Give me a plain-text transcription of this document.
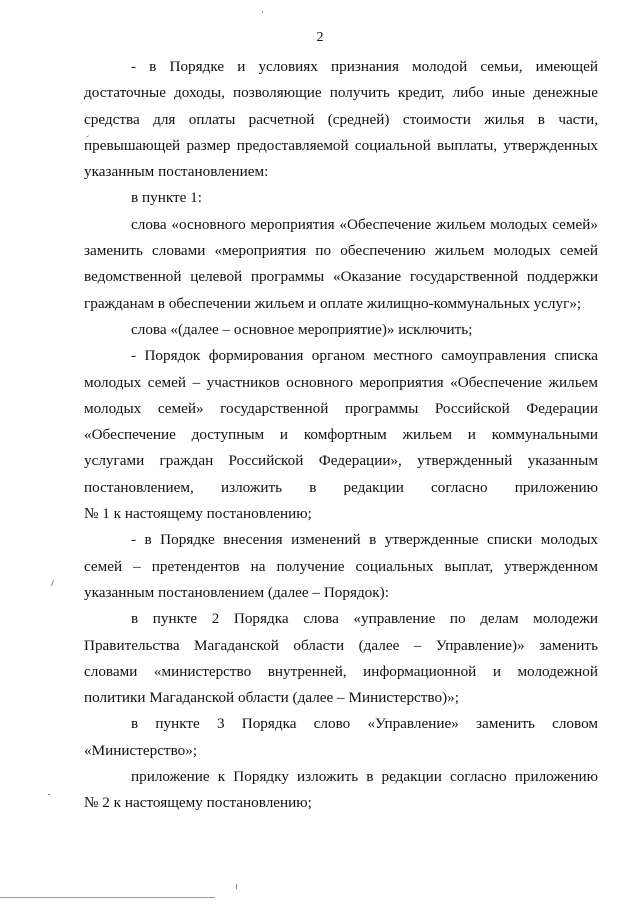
2
- в Порядке и условиях признания молодой семьи, имеющей
достаточные доходы, позволяющие получить кредит, либо иные денежные
средства для оплаты расчетной (средней) стоимости жилья в части,
превышающей размер предоставляемой социальной выплаты, утвержденных
указанным постановлением:
в пункте 1:
слова «основного мероприятия «Обеспечение жильем молодых семей»
заменить словами «мероприятия по обеспечению жильем молодых семей
ведомственной целевой программы «Оказание государственной поддержки
гражданам в обеспечении жильем и оплате жилищно-коммунальных услуг»;
слова «(далее – основное мероприятие)» исключить;
- Порядок формирования органом местного самоуправления списка
молодых семей – участников основного мероприятия «Обеспечение жильем
молодых семей» государственной программы Российской Федерации
«Обеспечение доступным и комфортным жильем и коммунальными
услугами граждан Российской Федерации», утвержденный указанным
постановлением, изложить в редакции согласно приложению
№ 1 к настоящему постановлению;
- в Порядке внесения изменений в утвержденные списки молодых
семей – претендентов на получение социальных выплат, утвержденном
указанным постановлением (далее – Порядок):
в пункте 2 Порядка слова «управление по делам молодежи
Правительства Магаданской области (далее – Управление)» заменить
словами «министерство внутренней, информационной и молодежной
политики Магаданской области (далее – Министерство)»;
в пункте 3 Порядка слово «Управление» заменить словом
«Министерство»;
приложение к Порядку изложить в редакции согласно приложению
№ 2 к настоящему постановлению;
